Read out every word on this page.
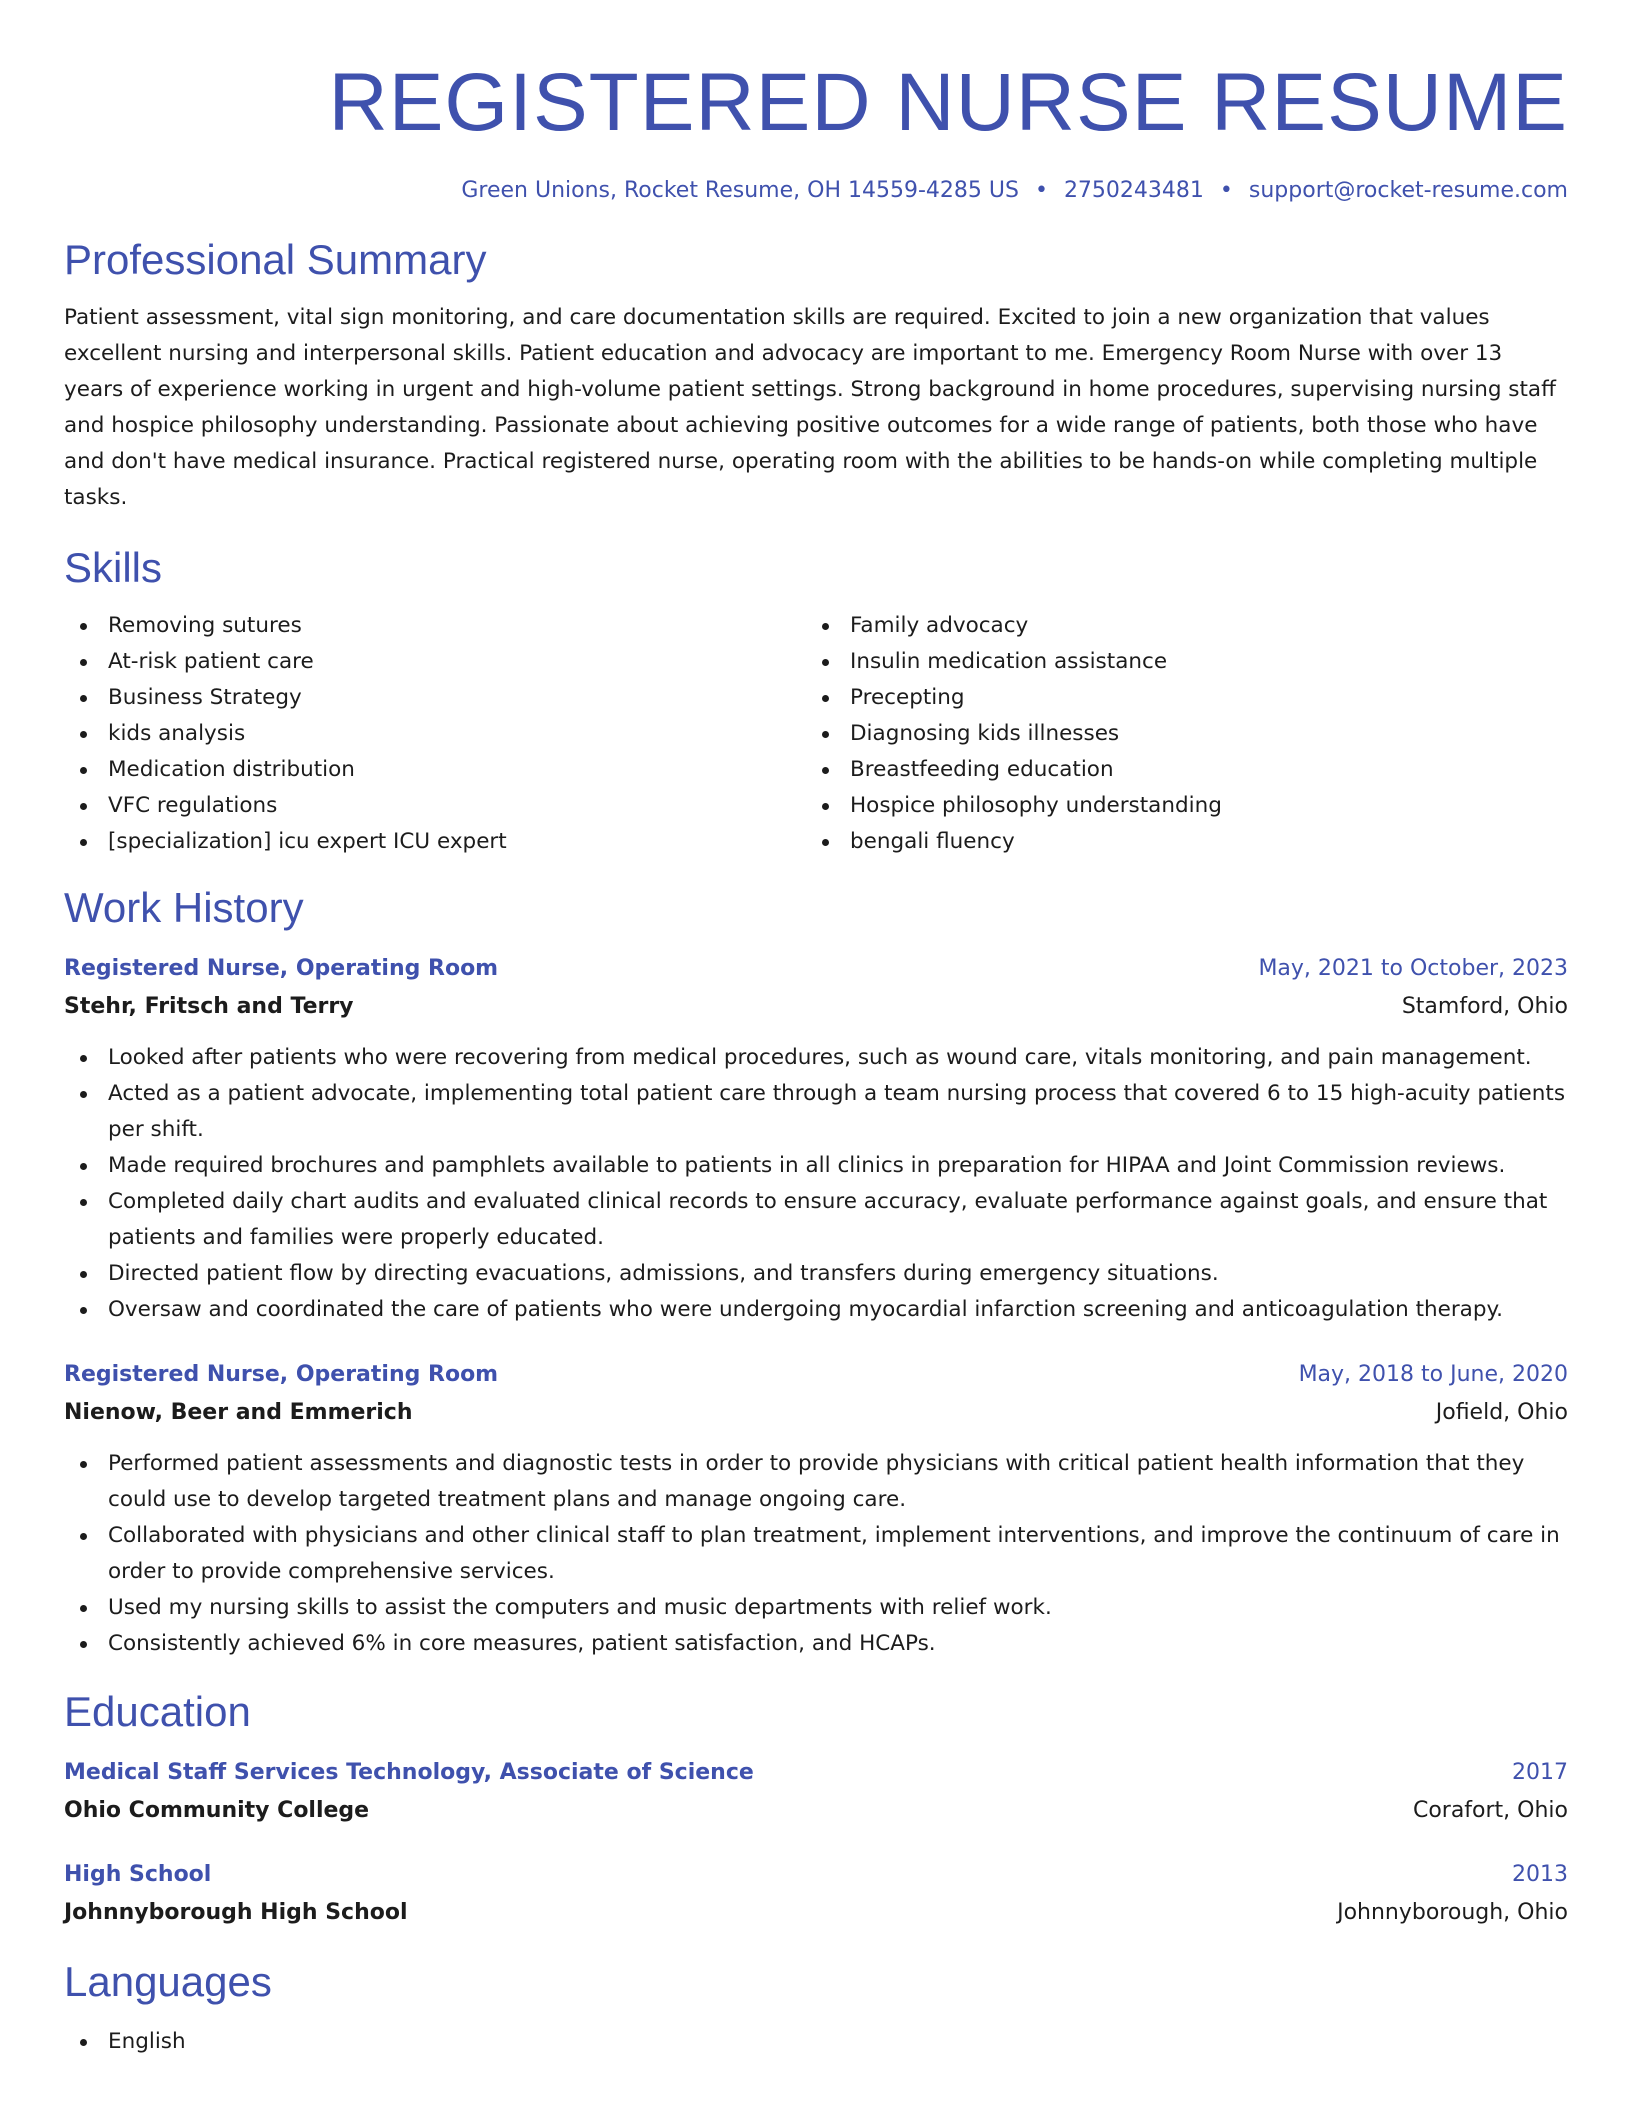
REGISTERED NURSE RESUME
Green Unions, Rocket Resume, OH 14559-4285 US • 2750243481 • support@rocket-resume.com
Professional Summary
Patient assessment, vital sign monitoring, and care documentation skills are required. Excited to join a new organization that values excellent nursing and interpersonal skills. Patient education and advocacy are important to me. Emergency Room Nurse with over 13 years of experience working in urgent and high-volume patient settings. Strong background in home procedures, supervising nursing staff and hospice philosophy understanding. Passionate about achieving positive outcomes for a wide range of patients, both those who have and don't have medical insurance. Practical registered nurse, operating room with the abilities to be hands-on while completing multiple tasks.
Skills
Removing sutures
At-risk patient care
Business Strategy
kids analysis
Medication distribution
VFC regulations
[specialization] icu expert ICU expert
Family advocacy
Insulin medication assistance
Precepting
Diagnosing kids illnesses
Breastfeeding education
Hospice philosophy understanding
bengali fluency
Work History
Registered Nurse, Operating Room	May, 2021 to October, 2023
Stehr, Fritsch and Terry	Stamford, Ohio
Looked after patients who were recovering from medical procedures, such as wound care, vitals monitoring, and pain management.
Acted as a patient advocate, implementing total patient care through a team nursing process that covered 6 to 15 high-acuity patients per shift.
Made required brochures and pamphlets available to patients in all clinics in preparation for HIPAA and Joint Commission reviews.
Completed daily chart audits and evaluated clinical records to ensure accuracy, evaluate performance against goals, and ensure that patients and families were properly educated.
Directed patient flow by directing evacuations, admissions, and transfers during emergency situations.
Oversaw and coordinated the care of patients who were undergoing myocardial infarction screening and anticoagulation therapy.
Registered Nurse, Operating Room	May, 2018 to June, 2020
Nienow, Beer and Emmerich	Jofield, Ohio
Performed patient assessments and diagnostic tests in order to provide physicians with critical patient health information that they could use to develop targeted treatment plans and manage ongoing care.
Collaborated with physicians and other clinical staff to plan treatment, implement interventions, and improve the continuum of care in order to provide comprehensive services.
Used my nursing skills to assist the computers and music departments with relief work.
Consistently achieved 6% in core measures, patient satisfaction, and HCAPs.
Education
Medical Staff Services Technology, Associate of Science	2017
Ohio Community College	Corafort, Ohio
High School	2013
Johnnyborough High School	Johnnyborough, Ohio
Languages
English
